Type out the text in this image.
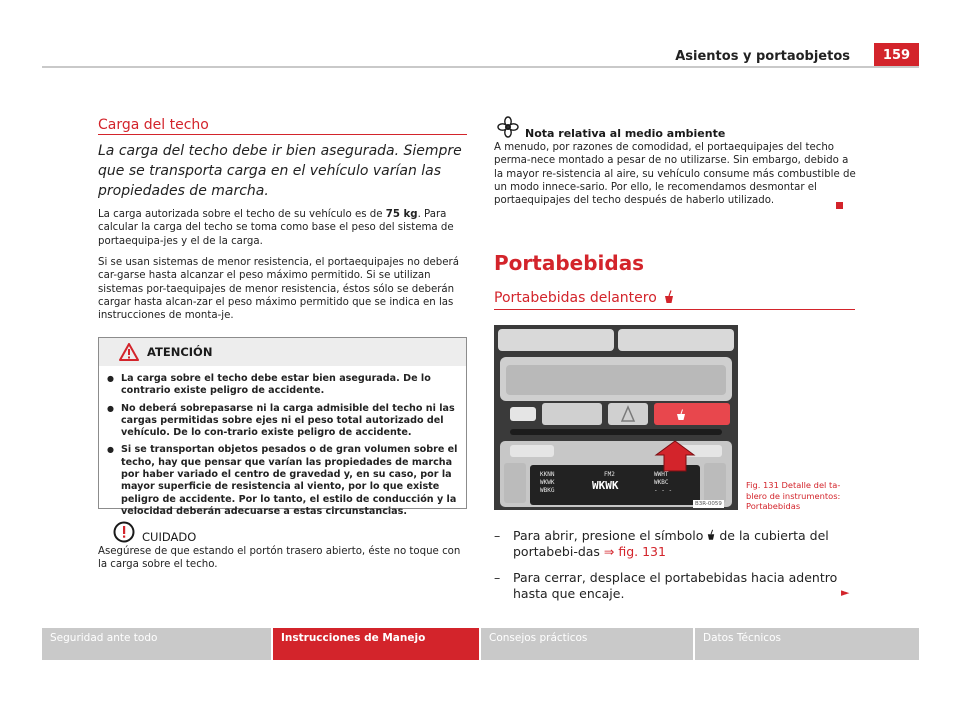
Asientos y portaobjetos	159
Carga del techo
La carga del techo debe ir bien asegurada. Siempre que se transporta carga en el vehículo varían las propiedades de marcha.
La carga autorizada sobre el techo de su vehículo es de 75 kg. Para calcular la carga del techo se toma como base el peso del sistema de portaequipa-jes y el de la carga.
Si se usan sistemas de menor resistencia, el portaequipajes no deberá car-garse hasta alcanzar el peso máximo permitido. Si se utilizan sistemas por-taequipajes de menor resistencia, éstos sólo se deberán cargar hasta alcan-zar el peso máximo permitido que se indica en las instrucciones de monta-je.
ATENCIÓN
● La carga sobre el techo debe estar bien asegurada. De lo contrario existe peligro de accidente.
● No deberá sobrepasarse ni la carga admisible del techo ni las cargas permitidas sobre ejes ni el peso total autorizado del vehículo. De lo con-trario existe peligro de accidente.
● Si se transportan objetos pesados o de gran volumen sobre el techo, hay que pensar que varían las propiedades de marcha por haber variado el centro de gravedad y, en su caso, por la mayor superficie de resistencia al viento, por lo que existe peligro de accidente. Por lo tanto, el estilo de conducción y la velocidad deberán adecuarse a estas circunstancias.
CUIDADO
Asegúrese de que estando el portón trasero abierto, éste no toque con la carga sobre el techo.
Nota relativa al medio ambiente
A menudo, por razones de comodidad, el portaequipajes del techo perma-nece montado a pesar de no utilizarse. Sin embargo, debido a la mayor re-sistencia al aire, su vehículo consume más combustible de un modo innece-sario. Por ello, le recomendamos desmontar el portaequipajes del techo después de haberlo utilizado.
Portabebidas
Portabebidas delantero
KKNN
WKWK
WBKG
FM2
WKWK
WWHT
WKBC
- - -
B3R-0059
Fig. 131 Detalle del ta-blero de instrumentos: Portabebidas
– Para abrir, presione el símbolo  de la cubierta del portabebi-das ⇒ fig. 131
– Para cerrar, desplace el portabebidas hacia adentro hasta que encaje.	►
Seguridad ante todo	Instrucciones de Manejo	Consejos prácticos	Datos Técnicos
